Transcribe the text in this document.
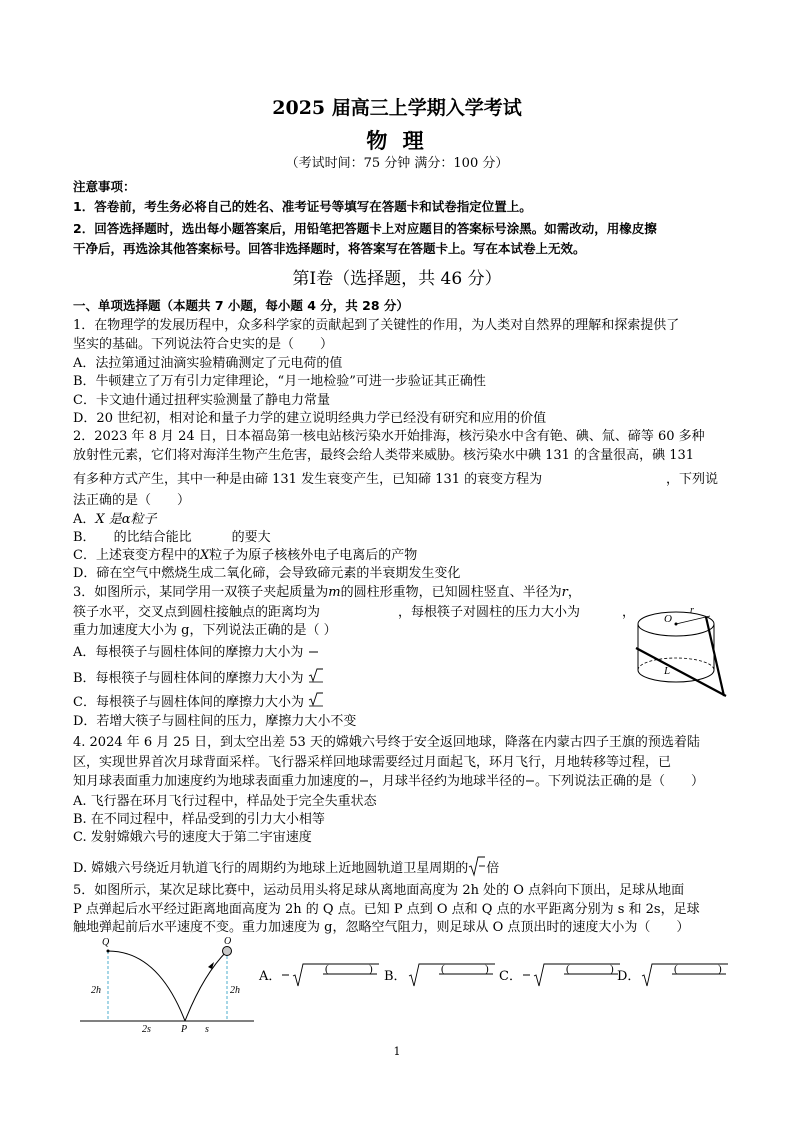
2025 届高三上学期入学考试
物 理
（考试时间：75 分钟 满分：100 分）
注意事项：
1．答卷前，考生务必将自己的姓名、准考证号等填写在答题卡和试卷指定位置上。
2．回答选择题时，选出每小题答案后，用铅笔把答题卡上对应题目的答案标号涂黑。如需改动，用橡皮擦
干净后，再选涂其他答案标号。回答非选择题时，将答案写在答题卡上。写在本试卷上无效。
第Ⅰ卷（选择题，共 46 分）
一、单项选择题（本题共 7 小题，每小题 4 分，共 28 分）
1．在物理学的发展历程中，众多科学家的贡献起到了关键性的作用，为人类对自然界的理解和探索提供了
坚实的基础。下列说法符合史实的是（　　）
A．法拉第通过油滴实验精确测定了元电荷的值
B．牛顿建立了万有引力定律理论，“月一地检验”可进一步验证其正确性
C．卡文迪什通过扭秤实验测量了静电力常量
D．20 世纪初，相对论和量子力学的建立说明经典力学已经没有研究和应用的价值
2．2023 年 8 月 24 日，日本福岛第一核电站核污染水开始排海，核污染水中含有铯、碘、氚、碲等 60 多种
放射性元素，它们将对海洋生物产生危害，最终会给人类带来威胁。核污染水中碘 131 的含量很高，碘 131
有多种方式产生，其中一种是由碲 131 发生衰变产生，已知碲 131 的衰变方程为	，下列说
法正确的是（　　）
A．X 是α粒子
B． 的比结合能比	的要大
C．上述衰变方程中的X粒子为原子核核外电子电离后的产物
D．碲在空气中燃烧生成二氧化碲，会导致碲元素的半衰期发生变化
3．如图所示，某同学用一双筷子夹起质量为m的圆柱形重物，已知圆柱竖直、半径为r，
筷子水平，交叉点到圆柱接触点的距离均为	，每根筷子对圆柱的压力大小为	，
重力加速度大小为 g，下列说法正确的是（ ）
A．每根筷子与圆柱体间的摩擦力大小为
B．每根筷子与圆柱体间的摩擦力大小为
C．每根筷子与圆柱体间的摩擦力大小为
D．若增大筷子与圆柱间的压力，摩擦力大小不变
O
r
L
4. 2024 年 6 月 25 日，到太空出差 53 天的嫦娥六号终于安全返回地球，降落在内蒙古四子王旗的预选着陆
区，实现世界首次月球背面采样。飞行器采样回地球需要经过月面起飞，环月飞行，月地转移等过程，已
知月球表面重力加速度约为地球表面重力加速度的 ，月球半径约为地球半径的 。下列说法正确的是（　　）
A. 飞行器在环月飞行过程中，样品处于完全失重状态
B. 在不同过程中，样品受到的引力大小相等
C. 发射嫦娥六号的速度大于第二宇宙速度
D. 嫦娥六号绕近月轨道飞行的周期约为地球上近地圆轨道卫星周期的 倍
5．如图所示，某次足球比赛中，运动员用头将足球从离地面高度为 2h 处的 O 点斜向下顶出，足球从地面
P 点弹起后水平经过距离地面高度为 2h 的 Q 点。已知 P 点到 O 点和 Q 点的水平距离分别为 s 和 2s，足球
触地弹起前后水平速度不变。重力加速度为 g，忽略空气阻力，则足球从 O 点顶出时的速度大小为（　　）
Q	O
2h	2h
2s	P s
A．	(	) B．	(	) C．	(	) D．	(	)
1
